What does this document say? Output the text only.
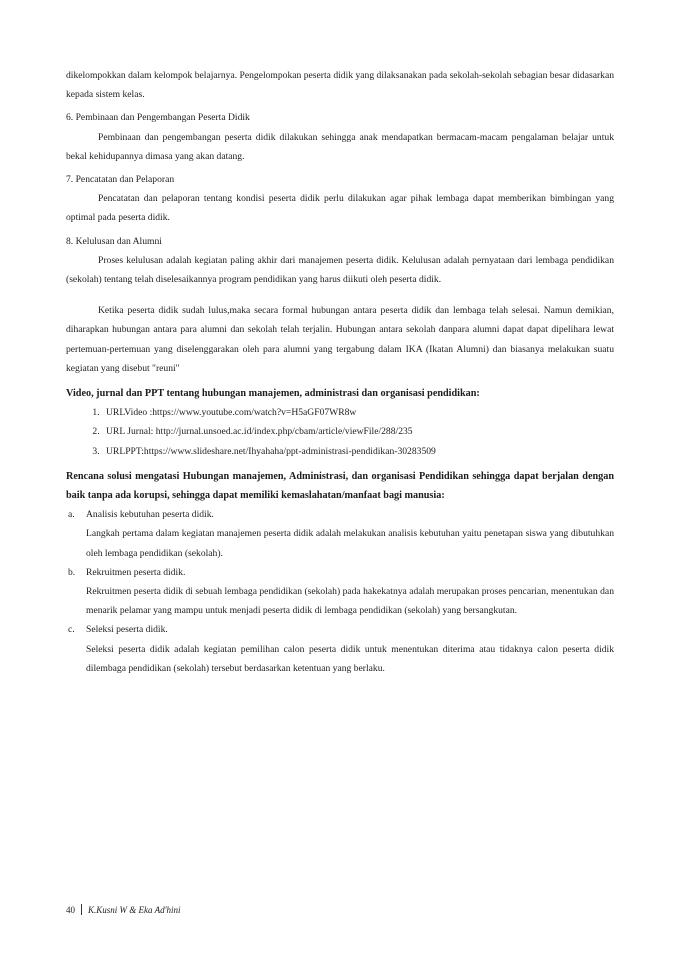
dikelompokkan dalam kelompok belajarnya. Pengelompokan peserta didik yang dilaksanakan pada sekolah-sekolah sebagian besar didasarkan kepada sistem kelas.

6. Pembinaan dan Pengembangan Peserta Didik

Pembinaan dan pengembangan peserta didik dilakukan sehingga anak mendapatkan bermacam-macam pengalaman belajar untuk bekal kehidupannya dimasa yang akan datang.

7. Pencatatan dan Pelaporan

Pencatatan dan pelaporan tentang kondisi peserta didik perlu dilakukan agar pihak lembaga dapat memberikan bimbingan yang optimal pada peserta didik.

8. Kelulusan dan Alumni

Proses kelulusan adalah kegiatan paling akhir dari manajemen peserta didik. Kelulusan adalah pernyataan dari lembaga pendidikan (sekolah) tentang telah diselesaikannya program pendidikan yang harus diikuti oleh peserta didik.

Ketika peserta didik sudah lulus,maka secara formal hubungan antara peserta didik dan lembaga telah selesai. Namun demikian, diharapkan hubungan antara para alumni dan sekolah telah terjalin. Hubungan antara sekolah danpara alumni dapat dapat dipelihara lewat pertemuan-pertemuan yang diselenggarakan oleh para alumni yang tergabung dalam IKA (Ikatan Alumni) dan biasanya melakukan suatu kegiatan yang disebut "reuni"

Video, jurnal dan PPT tentang hubungan manajemen, administrasi dan organisasi pendidikan:
1. URLVideo :https://www.youtube.com/watch?v=H5aGF07WR8w
2. URL Jurnal: http://jurnal.unsoed.ac.id/index.php/cbam/article/viewFile/288/235
3. URLPPT:https://www.slideshare.net/Ihyahaha/ppt-administrasi-pendidikan-30283509
Rencana solusi mengatasi Hubungan manajemen, Administrasi, dan organisasi Pendidikan sehingga dapat berjalan dengan baik tanpa ada korupsi, sehingga dapat memiliki kemaslahatan/manfaat bagi manusia:
a. Analisis kebutuhan peserta didik.

Langkah pertama dalam kegiatan manajemen peserta didik adalah melakukan analisis kebutuhan yaitu penetapan siswa yang dibutuhkan oleh lembaga pendidikan (sekolah).

b. Rekruitmen peserta didik.

Rekruitmen peserta didik di sebuah lembaga pendidikan (sekolah) pada hakekatnya adalah merupakan proses pencarian, menentukan dan menarik pelamar yang mampu untuk menjadi peserta didik di lembaga pendidikan (sekolah) yang bersangkutan.

c. Seleksi peserta didik.

Seleksi peserta didik adalah kegiatan pemilihan calon peserta didik untuk menentukan diterima atau tidaknya calon peserta didik dilembaga pendidikan (sekolah) tersebut berdasarkan ketentuan yang berlaku.

40 K.Kusni W & Eka Ad'hini
